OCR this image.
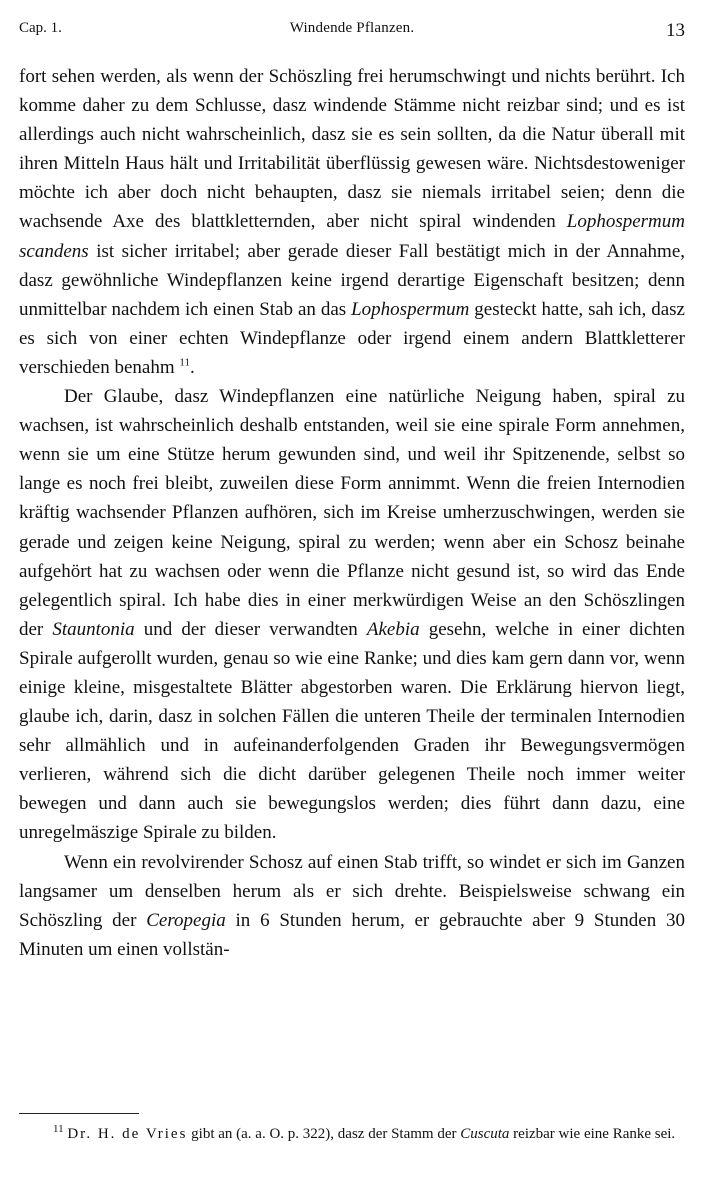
Cap. 1.	Windende Pflanzen.	13

fort sehen werden, als wenn der Schöszling frei herumschwingt und nichts berührt. Ich komme daher zu dem Schlusse, dasz windende Stämme nicht reizbar sind; und es ist allerdings auch nicht wahrscheinlich, dasz sie es sein sollten, da die Natur überall mit ihren Mitteln Haus hält und Irritabilität überflüssig gewesen wäre. Nichtsdestoweniger möchte ich aber doch nicht behaupten, dasz sie niemals irritabel seien; denn die wachsende Axe des blattkletternden, aber nicht spiral windenden Lophospermum scandens ist sicher irritabel; aber gerade dieser Fall bestätigt mich in der Annahme, dasz gewöhnliche Windepflanzen keine irgend derartige Eigenschaft besitzen; denn unmittelbar nachdem ich einen Stab an das Lophospermum gesteckt hatte, sah ich, dasz es sich von einer echten Windepflanze oder irgend einem andern Blattkletterer verschieden benahm $^{11}$.

Der Glaube, dasz Windepflanzen eine natürliche Neigung haben, spiral zu wachsen, ist wahrscheinlich deshalb entstanden, weil sie eine spirale Form annehmen, wenn sie um eine Stütze herum gewunden sind, und weil ihr Spitzenende, selbst so lange es noch frei bleibt, zuweilen diese Form annimmt. Wenn die freien Internodien kräftig wachsender Pflanzen aufhören, sich im Kreise umherzuschwingen, werden sie gerade und zeigen keine Neigung, spiral zu werden; wenn aber ein Schosz beinahe aufgehört hat zu wachsen oder wenn die Pflanze nicht gesund ist, so wird das Ende gelegentlich spiral. Ich habe dies in einer merkwürdigen Weise an den Schöszlingen der Stauntonia und der dieser verwandten Akebia gesehn, welche in einer dichten Spirale aufgerollt wurden, genau so wie eine Ranke; und dies kam gern dann vor, wenn einige kleine, misgestaltete Blätter abgestorben waren. Die Erklärung hiervon liegt, glaube ich, darin, dasz in solchen Fällen die unteren Theile der terminalen Internodien sehr allmählich und in aufeinanderfolgenden Graden ihr Bewegungsvermögen verlieren, während sich die dicht darüber gelegenen Theile noch immer weiter bewegen und dann auch sie bewegungslos werden; dies führt dann dazu, eine unregelmäszige Spirale zu bilden.

Wenn ein revolvirender Schosz auf einen Stab trifft, so windet er sich im Ganzen langsamer um denselben herum als er sich drehte. Beispielsweise schwang ein Schöszling der Ceropegia in 6 Stunden herum, er gebrauchte aber 9 Stunden 30 Minuten um einen vollstän-

$^{11}$ Dr. H. de Vries gibt an (a. a. O. p. 322), dasz der Stamm der Cuscuta reizbar wie eine Ranke sei.
